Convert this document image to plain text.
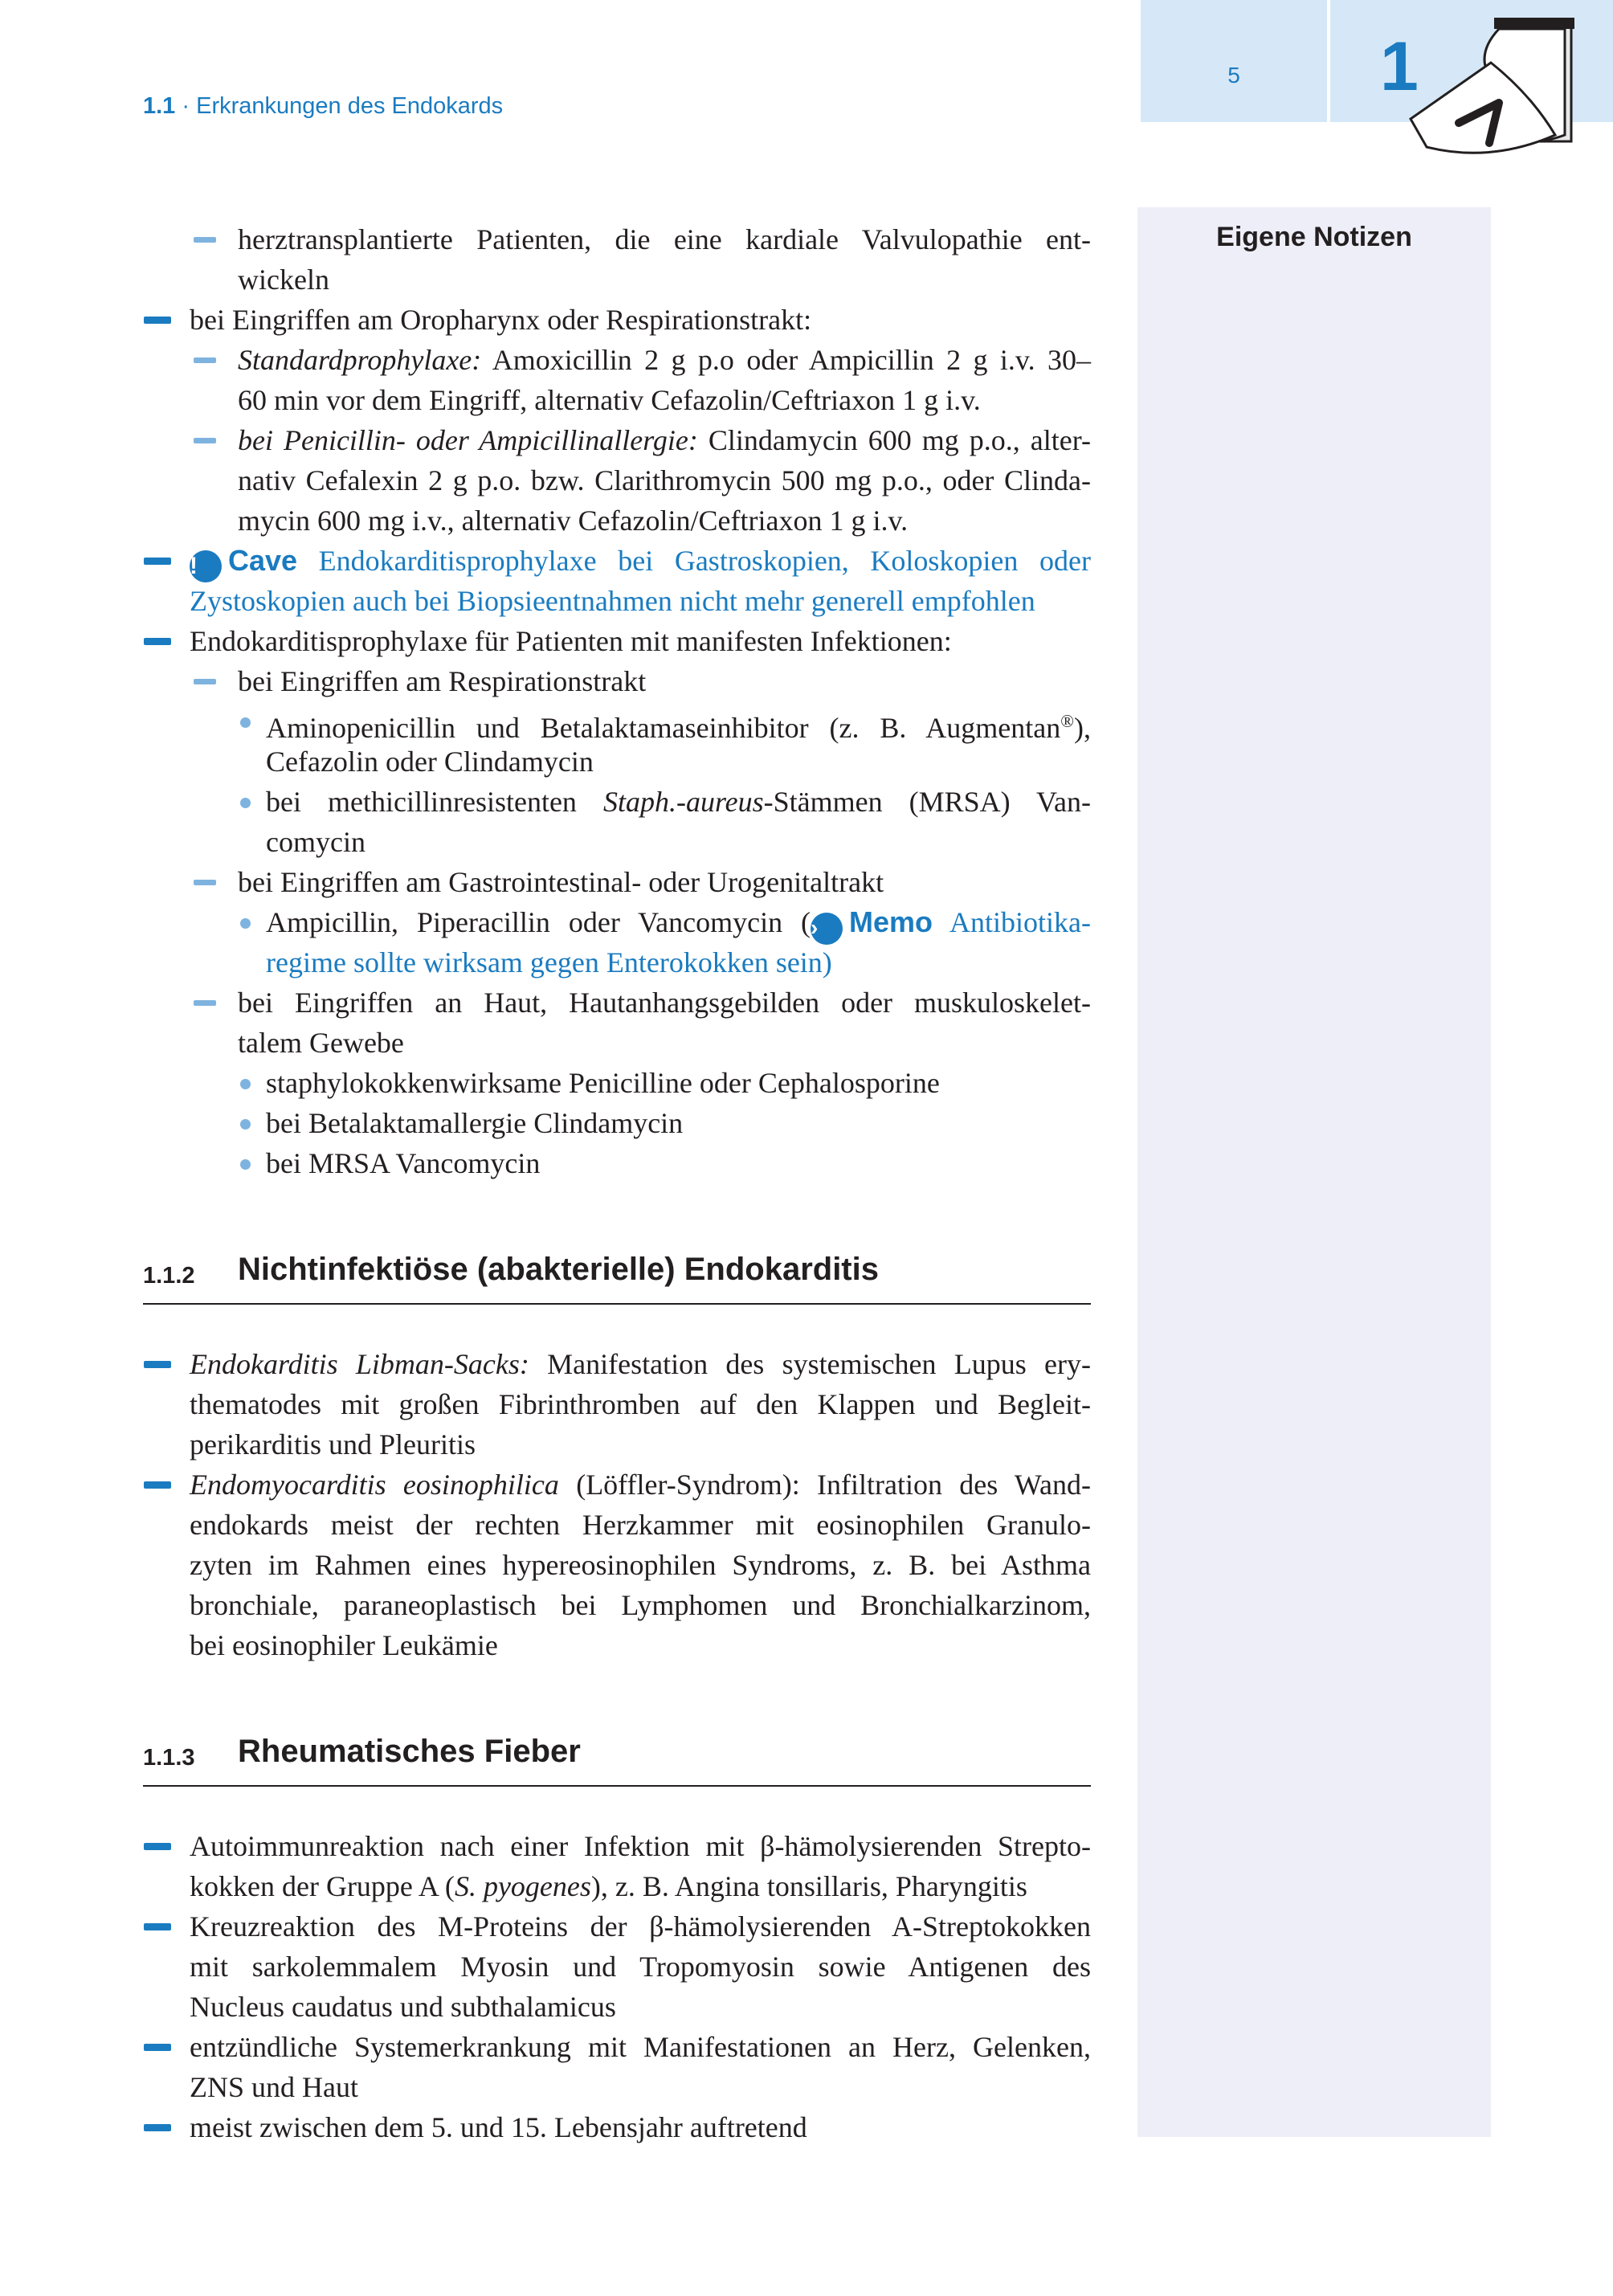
1.1 · Erkrankungen des Endokards
5	1
Eigene Notizen
herztransplantierte Patienten, die eine kardiale Valvulopathie ent-
wickeln
bei Eingriffen am Oropharynx oder Respirationstrakt:
Standardprophylaxe: Amoxicillin 2 g p.o oder Ampicillin 2 g i.v. 30–
60 min vor dem Eingriff, alternativ Cefazolin/Ceftriaxon 1 g i.v.
bei Penicillin- oder Ampicillinallergie: Clindamycin 600 mg p.o., alter-
nativ Cefalexin 2 g p.o. bzw. Clarithromycin 500 mg p.o., oder Clinda-
mycin 600 mg i.v., alternativ Cefazolin/Ceftriaxon 1 g i.v.
! Cave Endokarditisprophylaxe bei Gastroskopien, Koloskopien oder
Zystoskopien auch bei Biopsieentnahmen nicht mehr generell empfohlen
Endokarditisprophylaxe für Patienten mit manifesten Infektionen:
bei Eingriffen am Respirationstrakt
Aminopenicillin und Betalaktamaseinhibitor (z. B. Augmentan®),
Cefazolin oder Clindamycin
bei methicillinresistenten Staph.-aureus-Stämmen (MRSA) Van-
comycin
bei Eingriffen am Gastrointestinal- oder Urogenitaltrakt
Ampicillin, Piperacillin oder Vancomycin (› Memo Antibiotika-
regime sollte wirksam gegen Enterokokken sein)
bei Eingriffen an Haut, Hautanhangsgebilden oder muskuloskelet-
talem Gewebe
staphylokokkenwirksame Penicilline oder Cephalosporine
bei Betalaktamallergie Clindamycin
bei MRSA Vancomycin
1.1.2 Nichtinfektiöse (abakterielle) Endokarditis
Endokarditis Libman-Sacks: Manifestation des systemischen Lupus ery-
thematodes mit großen Fibrinthromben auf den Klappen und Begleit-
perikarditis und Pleuritis
Endomyocarditis eosinophilica (Löffler-Syndrom): Infiltration des Wand-
endokards meist der rechten Herzkammer mit eosinophilen Granulo-
zyten im Rahmen eines hypereosinophilen Syndroms, z. B. bei Asthma
bronchiale, paraneoplastisch bei Lymphomen und Bronchialkarzinom,
bei eosinophiler Leukämie
1.1.3 Rheumatisches Fieber
Autoimmunreaktion nach einer Infektion mit β-hämolysierenden Strepto-
kokken der Gruppe A (S. pyogenes), z. B. Angina tonsillaris, Pharyngitis
Kreuzreaktion des M-Proteins der β-hämolysierenden A-Streptokokken
mit sarkolemmalem Myosin und Tropomyosin sowie Antigenen des
Nucleus caudatus und subthalamicus
entzündliche Systemerkrankung mit Manifestationen an Herz, Gelenken,
ZNS und Haut
meist zwischen dem 5. und 15. Lebensjahr auftretend
